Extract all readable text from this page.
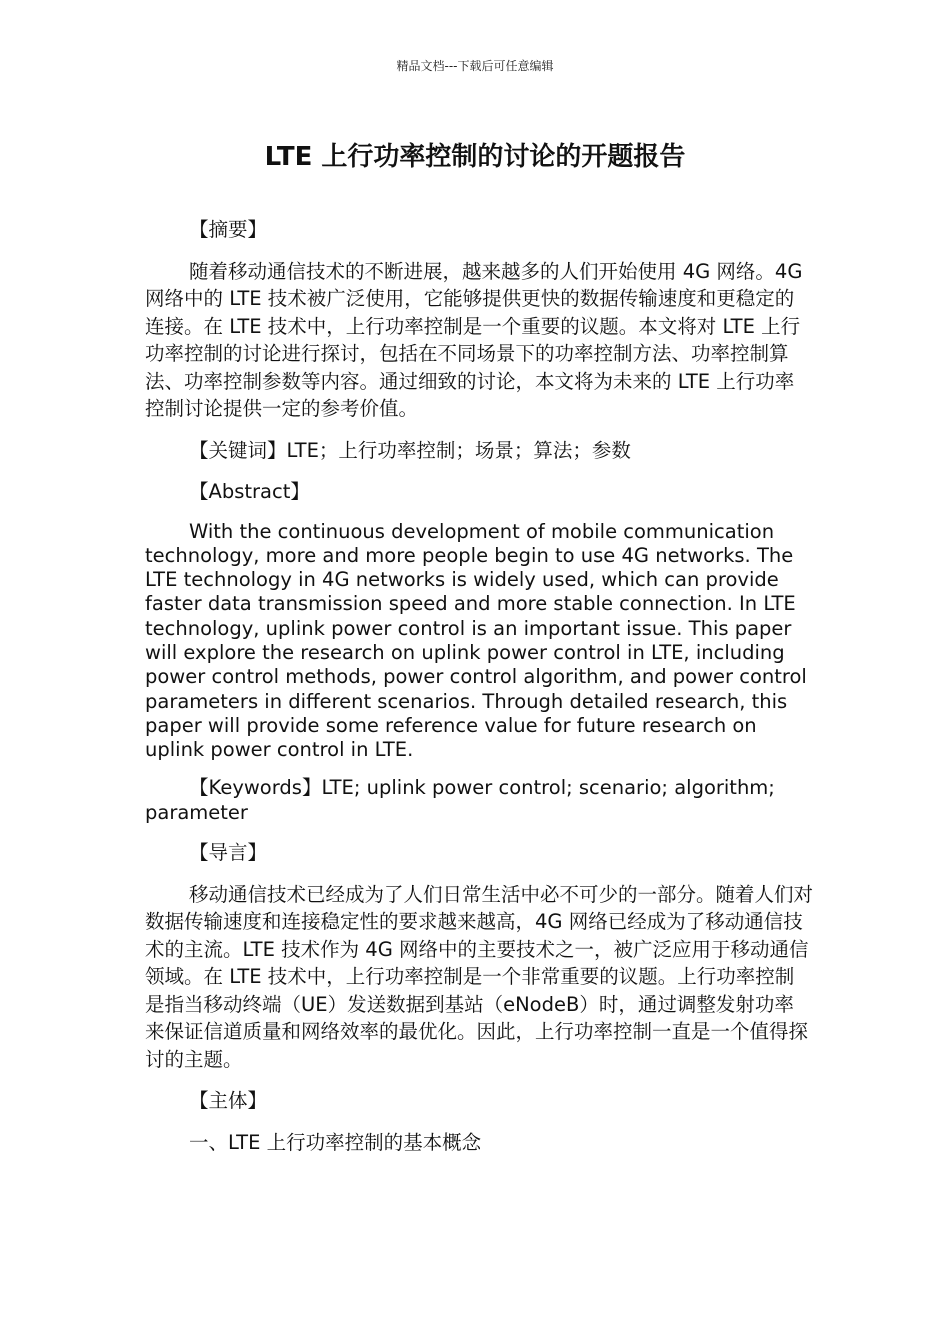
精品文档---下载后可任意编辑
LTE 上行功率控制的讨论的开题报告
【摘要】
随着移动通信技术的不断进展，越来越多的人们开始使用 4G 网络。4G 网络中的 LTE 技术被广泛使用，它能够提供更快的数据传输速度和更稳定的连接。在 LTE 技术中，上行功率控制是一个重要的议题。本文将对 LTE 上行功率控制的讨论进行探讨，包括在不同场景下的功率控制方法、功率控制算法、功率控制参数等内容。通过细致的讨论，本文将为未来的 LTE 上行功率控制讨论提供一定的参考价值。
【关键词】LTE；上行功率控制；场景；算法；参数
【Abstract】
With the continuous development of mobile communication technology, more and more people begin to use 4G networks. The LTE technology in 4G networks is widely used, which can provide faster data transmission speed and more stable connection. In LTE technology, uplink power control is an important issue. This paper will explore the research on uplink power control in LTE, including power control methods, power control algorithm, and power control parameters in different scenarios. Through detailed research, this paper will provide some reference value for future research on uplink power control in LTE.
【Keywords】LTE; uplink power control; scenario; algorithm; parameter
【导言】
移动通信技术已经成为了人们日常生活中必不可少的一部分。随着人们对数据传输速度和连接稳定性的要求越来越高，4G 网络已经成为了移动通信技术的主流。LTE 技术作为 4G 网络中的主要技术之一，被广泛应用于移动通信领域。在 LTE 技术中，上行功率控制是一个非常重要的议题。上行功率控制是指当移动终端（UE）发送数据到基站（eNodeB）时，通过调整发射功率来保证信道质量和网络效率的最优化。因此，上行功率控制一直是一个值得探讨的主题。
【主体】
一、LTE 上行功率控制的基本概念
